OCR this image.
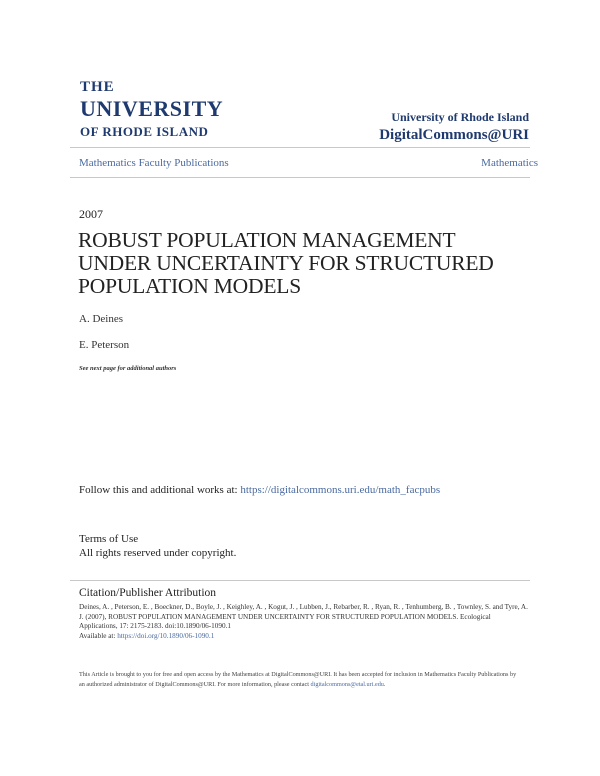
THE
UNIVERSITY
OF RHODE ISLAND
University of Rhode Island
DigitalCommons@URI
Mathematics Faculty Publications	Mathematics
2007
ROBUST POPULATION MANAGEMENT UNDER UNCERTAINTY FOR STRUCTURED POPULATION MODELS
A. Deines
E. Peterson
See next page for additional authors
Follow this and additional works at: https://digitalcommons.uri.edu/math_facpubs
Terms of Use
All rights reserved under copyright.
Citation/Publisher Attribution
Deines, A. , Peterson, E. , Boeckner, D., Boyle, J. , Keighley, A. , Kogut, J. , Lubben, J., Rebarber, R. , Ryan, R. , Tenhumberg, B. , Townley, S. and Tyre, A. J. (2007), ROBUST POPULATION MANAGEMENT UNDER UNCERTAINTY FOR STRUCTURED POPULATION MODELS. Ecological Applications, 17: 2175-2183. doi:10.1890/06-1090.1
Available at: https://doi.org/10.1890/06-1090.1
This Article is brought to you for free and open access by the Mathematics at DigitalCommons@URI. It has been accepted for inclusion in Mathematics Faculty Publications by an authorized administrator of DigitalCommons@URI. For more information, please contact digitalcommons@etal.uri.edu.
